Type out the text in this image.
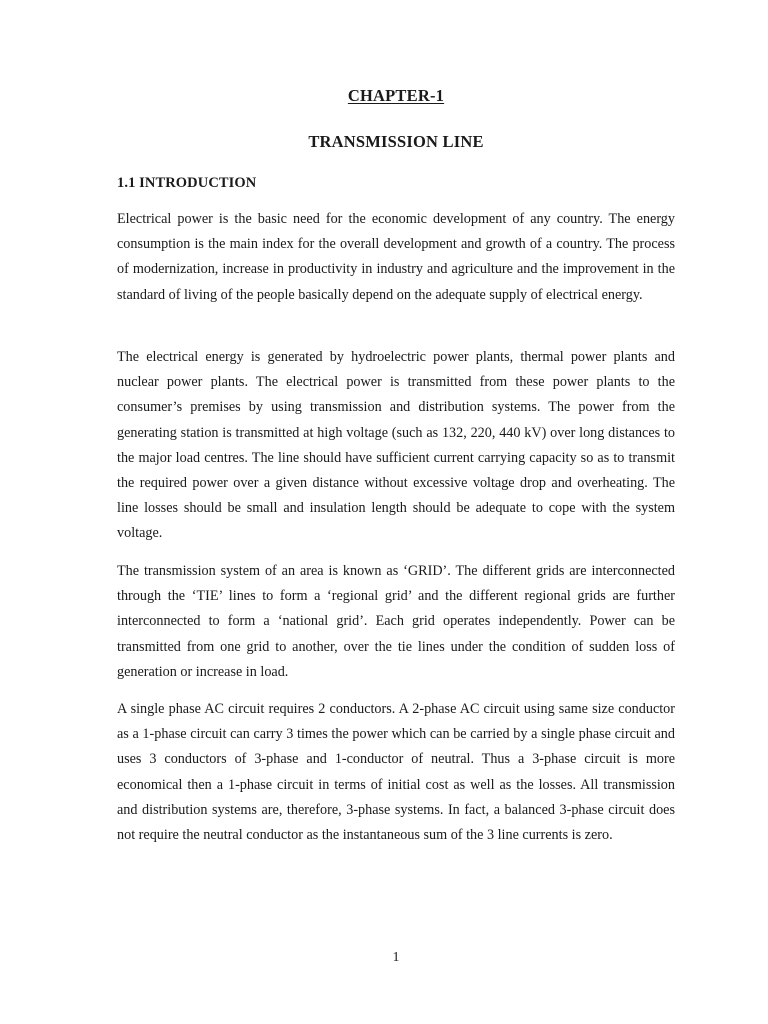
CHAPTER-1
TRANSMISSION LINE
1.1 INTRODUCTION

Electrical power is the basic need for the economic development of any country. The energy consumption is the main index for the overall development and growth of a country. The process of modernization, increase in productivity in industry and agriculture and the improvement in the standard of living of the people basically depend on the adequate supply of electrical energy.

The electrical energy is generated by hydroelectric power plants, thermal power plants and nuclear power plants. The electrical power is transmitted from these power plants to the consumer’s premises by using transmission and distribution systems. The power from the generating station is transmitted at high voltage (such as 132, 220, 440 kV) over long distances to the major load centres. The line should have sufficient current carrying capacity so as to transmit the required power over a given distance without excessive voltage drop and overheating. The line losses should be small and insulation length should be adequate to cope with the system voltage.

The transmission system of an area is known as ‘GRID’. The different grids are interconnected through the ‘TIE’ lines to form a ‘regional grid’ and the different regional grids are further interconnected to form a ‘national grid’. Each grid operates independently. Power can be transmitted from one grid to another, over the tie lines under the condition of sudden loss of generation or increase in load.

A single phase AC circuit requires 2 conductors. A 2-phase AC circuit using same size conductor as a 1-phase circuit can carry 3 times the power which can be carried by a single phase circuit and uses 3 conductors of 3-phase and 1-conductor of neutral. Thus a 3-phase circuit is more economical then a 1-phase circuit in terms of initial cost as well as the losses. All transmission and distribution systems are, therefore, 3-phase systems. In fact, a balanced 3-phase circuit does not require the neutral conductor as the instantaneous sum of the 3 line currents is zero.

1
